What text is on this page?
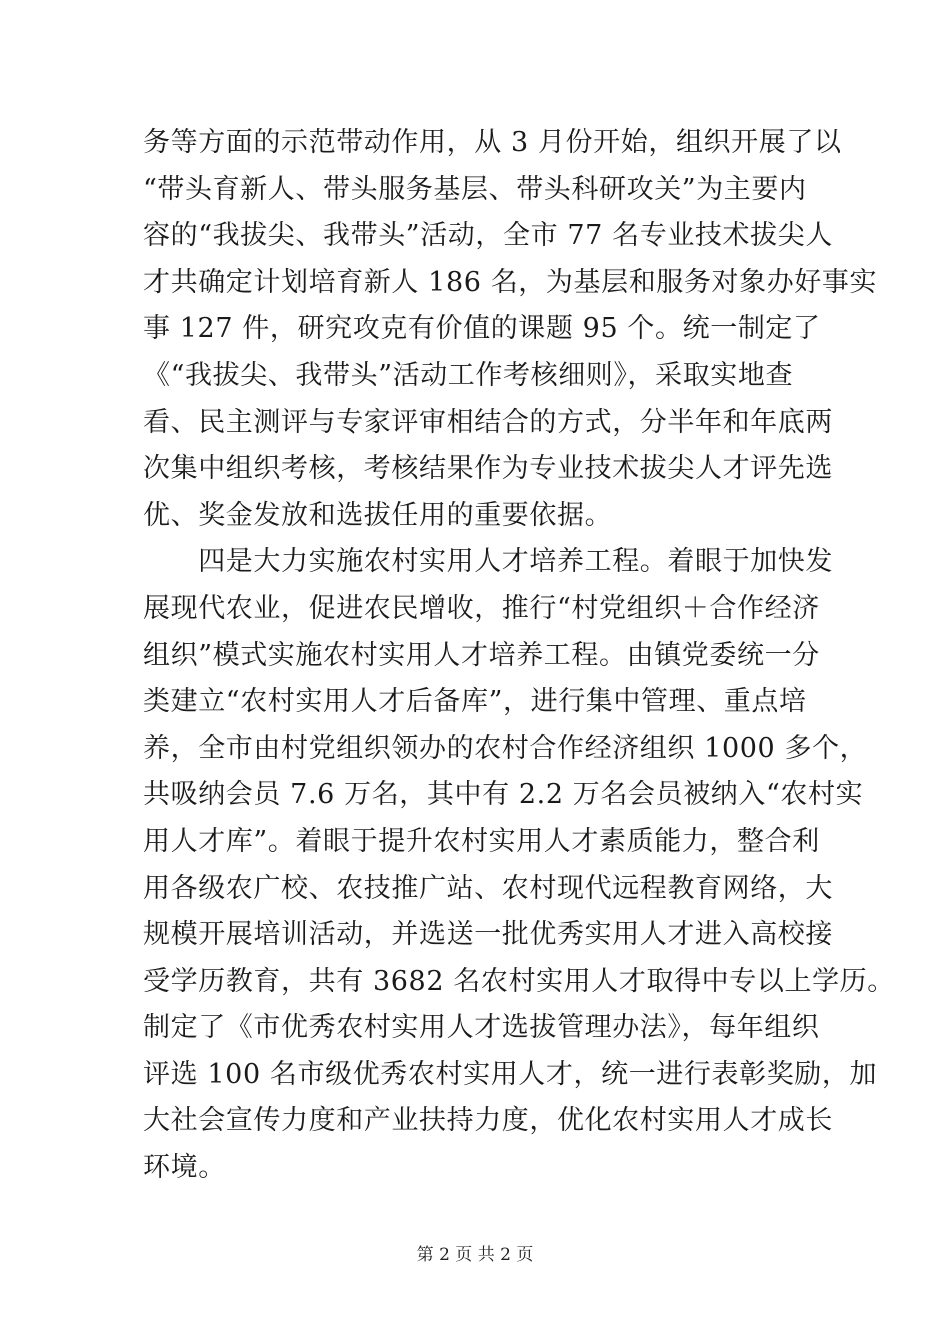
务等方面的示范带动作用，从 3 月份开始，组织开展了以
“带头育新人、带头服务基层、带头科研攻关”为主要内
容的“我拔尖、我带头”活动，全市 77 名专业技术拔尖人
才共确定计划培育新人 186 名，为基层和服务对象办好事实
事 127 件，研究攻克有价值的课题 95 个。统一制定了
《“我拔尖、我带头”活动工作考核细则》，采取实地查
看、民主测评与专家评审相结合的方式，分半年和年底两
次集中组织考核，考核结果作为专业技术拔尖人才评先选
优、奖金发放和选拔任用的重要依据。
　　四是大力实施农村实用人才培养工程。着眼于加快发
展现代农业，促进农民增收，推行“村党组织＋合作经济
组织”模式实施农村实用人才培养工程。由镇党委统一分
类建立“农村实用人才后备库”，进行集中管理、重点培
养，全市由村党组织领办的农村合作经济组织 1000 多个，
共吸纳会员 7.6 万名，其中有 2.2 万名会员被纳入“农村实
用人才库”。着眼于提升农村实用人才素质能力，整合利
用各级农广校、农技推广站、农村现代远程教育网络，大
规模开展培训活动，并选送一批优秀实用人才进入高校接
受学历教育，共有 3682 名农村实用人才取得中专以上学历。
制定了《市优秀农村实用人才选拔管理办法》，每年组织
评选 100 名市级优秀农村实用人才，统一进行表彰奖励，加
大社会宣传力度和产业扶持力度，优化农村实用人才成长
环境。
第 2 页 共 2 页
